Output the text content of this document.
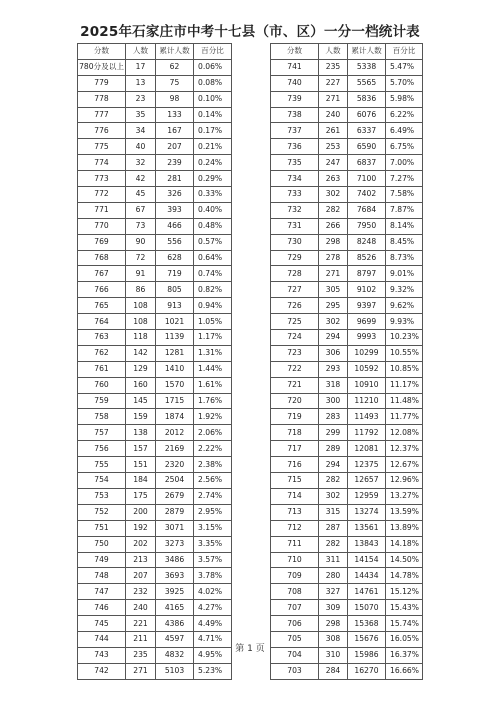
2025年石家庄市中考十七县（市、区）一分一档统计表
分数	人数	累计人数	百分比
780分及以上	17	62	0.06%
779	13	75	0.08%
778	23	98	0.10%
777	35	133	0.14%
776	34	167	0.17%
775	40	207	0.21%
774	32	239	0.24%
773	42	281	0.29%
772	45	326	0.33%
771	67	393	0.40%
770	73	466	0.48%
769	90	556	0.57%
768	72	628	0.64%
767	91	719	0.74%
766	86	805	0.82%
765	108	913	0.94%
764	108	1021	1.05%
763	118	1139	1.17%
762	142	1281	1.31%
761	129	1410	1.44%
760	160	1570	1.61%
759	145	1715	1.76%
758	159	1874	1.92%
757	138	2012	2.06%
756	157	2169	2.22%
755	151	2320	2.38%
754	184	2504	2.56%
753	175	2679	2.74%
752	200	2879	2.95%
751	192	3071	3.15%
750	202	3273	3.35%
749	213	3486	3.57%
748	207	3693	3.78%
747	232	3925	4.02%
746	240	4165	4.27%
745	221	4386	4.49%
744	211	4597	4.71%
743	235	4832	4.95%
742	271	5103	5.23%
分数	人数	累计人数	百分比
741	235	5338	5.47%
740	227	5565	5.70%
739	271	5836	5.98%
738	240	6076	6.22%
737	261	6337	6.49%
736	253	6590	6.75%
735	247	6837	7.00%
734	263	7100	7.27%
733	302	7402	7.58%
732	282	7684	7.87%
731	266	7950	8.14%
730	298	8248	8.45%
729	278	8526	8.73%
728	271	8797	9.01%
727	305	9102	9.32%
726	295	9397	9.62%
725	302	9699	9.93%
724	294	9993	10.23%
723	306	10299	10.55%
722	293	10592	10.85%
721	318	10910	11.17%
720	300	11210	11.48%
719	283	11493	11.77%
718	299	11792	12.08%
717	289	12081	12.37%
716	294	12375	12.67%
715	282	12657	12.96%
714	302	12959	13.27%
713	315	13274	13.59%
712	287	13561	13.89%
711	282	13843	14.18%
710	311	14154	14.50%
709	280	14434	14.78%
708	327	14761	15.12%
707	309	15070	15.43%
706	298	15368	15.74%
705	308	15676	16.05%
704	310	15986	16.37%
703	284	16270	16.66%
第 1 页
